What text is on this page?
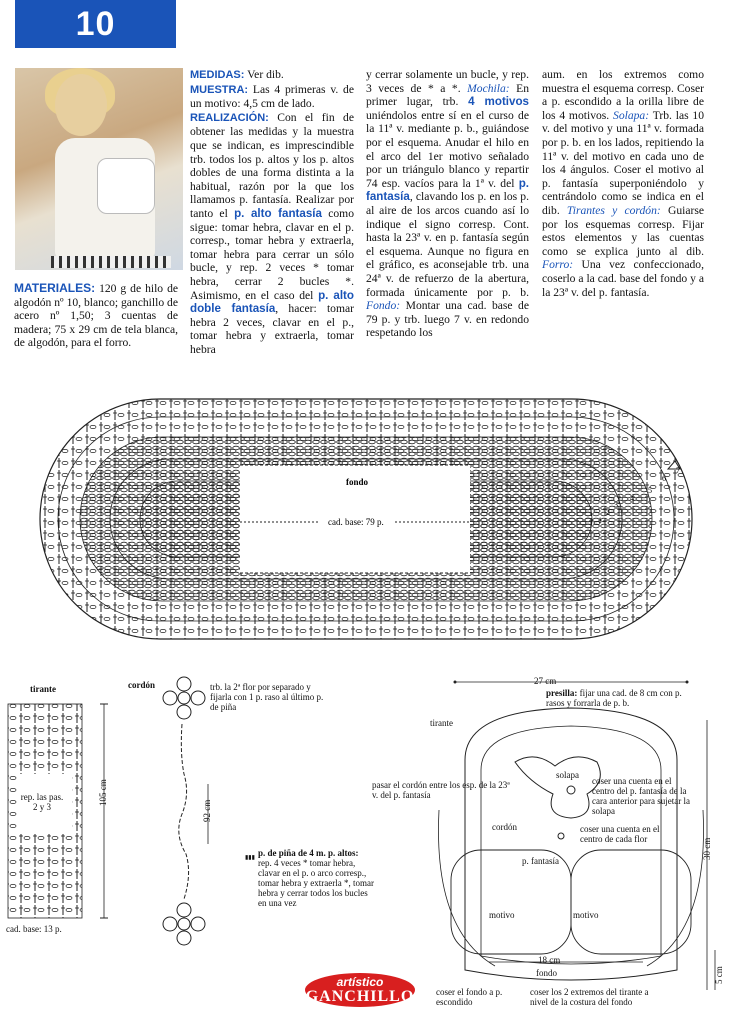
10
MATERIALES: 120 g de hilo de algodón nº 10, blanco; ganchillo de acero nº 1,50; 3 cuentas de madera; 75 x 29 cm de tela blanca, de algodón, para el forro.
MEDIDAS: Ver dib.
MUESTRA: Las 4 primeras v. de un motivo: 4,5 cm de lado.
REALIZACIÓN: Con el fin de obtener las medidas y la muestra que se indican, es imprescindible trb. todos los p. altos y los p. altos dobles de una forma distinta a la habitual, razón por la que los llamamos p. fantasía. Realizar por tanto el p. alto fantasía como sigue: tomar hebra, clavar en el p. corresp., tomar hebra y extraerla, tomar hebra para cerrar un sólo bucle, y rep. 2 veces * tomar hebra, cerrar 2 bucles *. Asimismo, en el caso del p. alto doble fantasía, hacer: tomar hebra 2 veces, clavar en el p., tomar hebra y extraerla, tomar hebra
y cerrar solamente un bucle, y rep. 3 veces de * a *. Mochila: En primer lugar, trb. 4 motivos uniéndolos entre sí en el curso de la 11ª v. mediante p. b., guiándose por el esquema. Anudar el hilo en el arco del 1er motivo señalado por un triángulo blanco y repartir 74 esp. vacíos para la 1ª v. del p. fantasía, clavando los p. en los p. al aire de los arcos cuando así lo indique el signo corresp. Cont. hasta la 23ª v. en p. fantasía según el esquema. Aunque no figura en el gráfico, es aconsejable trb. una 24ª v. de refuerzo de la abertura, formada únicamente por p. b. Fondo: Montar una cad. base de 79 p. y trb. luego 7 v. en redondo respetando los
aum. en los extremos como muestra el esquema corresp. Coser a p. escondido a la orilla libre de los 4 motivos. Solapa: Trb. las 10 v. del motivo y una 11ª v. formada por p. b. en los lados, repitiendo la 11ª v. del motivo en cada uno de los 4 ángulos. Coser el motivo al p. fantasía superponiéndolo y centrándolo como se indica en el dib. Tirantes y cordón: Guiarse por los esquemas corresp. Fijar estos elementos y las cuentas como se explica junto al dib. Forro: Una vez confeccionado, coserlo a la cad. base del fondo y a la 23ª v. del p. fantasía.
fondo
cad. base: 79 p.	1
2
3
4
5
6
7
tirante
rep. las pas. 2 y 3
105 cm
cad. base: 13 p.
cordón	trb. la 2ª flor por separado y fijarla con 1 p. raso al último p. de piña
92 cm
▮▮▮ p. de piña de 4 m. p. altos:
rep. 4 veces * tomar hebra, clavar en el p. o arco corresp., tomar hebra y extraerla *, tomar hebra y cerrar todos los bucles en una vez
27 cm
presilla: fijar una cad. de 8 cm con p. rasos y forrarla de p. b.
tirante
solapa
pasar el cordón entre los esp. de la 23ª v. del p. fantasía
coser una cuenta en el centro del p. fantasía de la cara anterior para sujetar la solapa
cordón	coser una cuenta en el centro de cada flor
p. fantasía
30 cm
motivo	motivo
18 cm
fondo	5 cm
coser el fondo a p. escondido
coser los 2 extremos del tirante a nivel de la costura del fondo
artístico
GANCHILLO
